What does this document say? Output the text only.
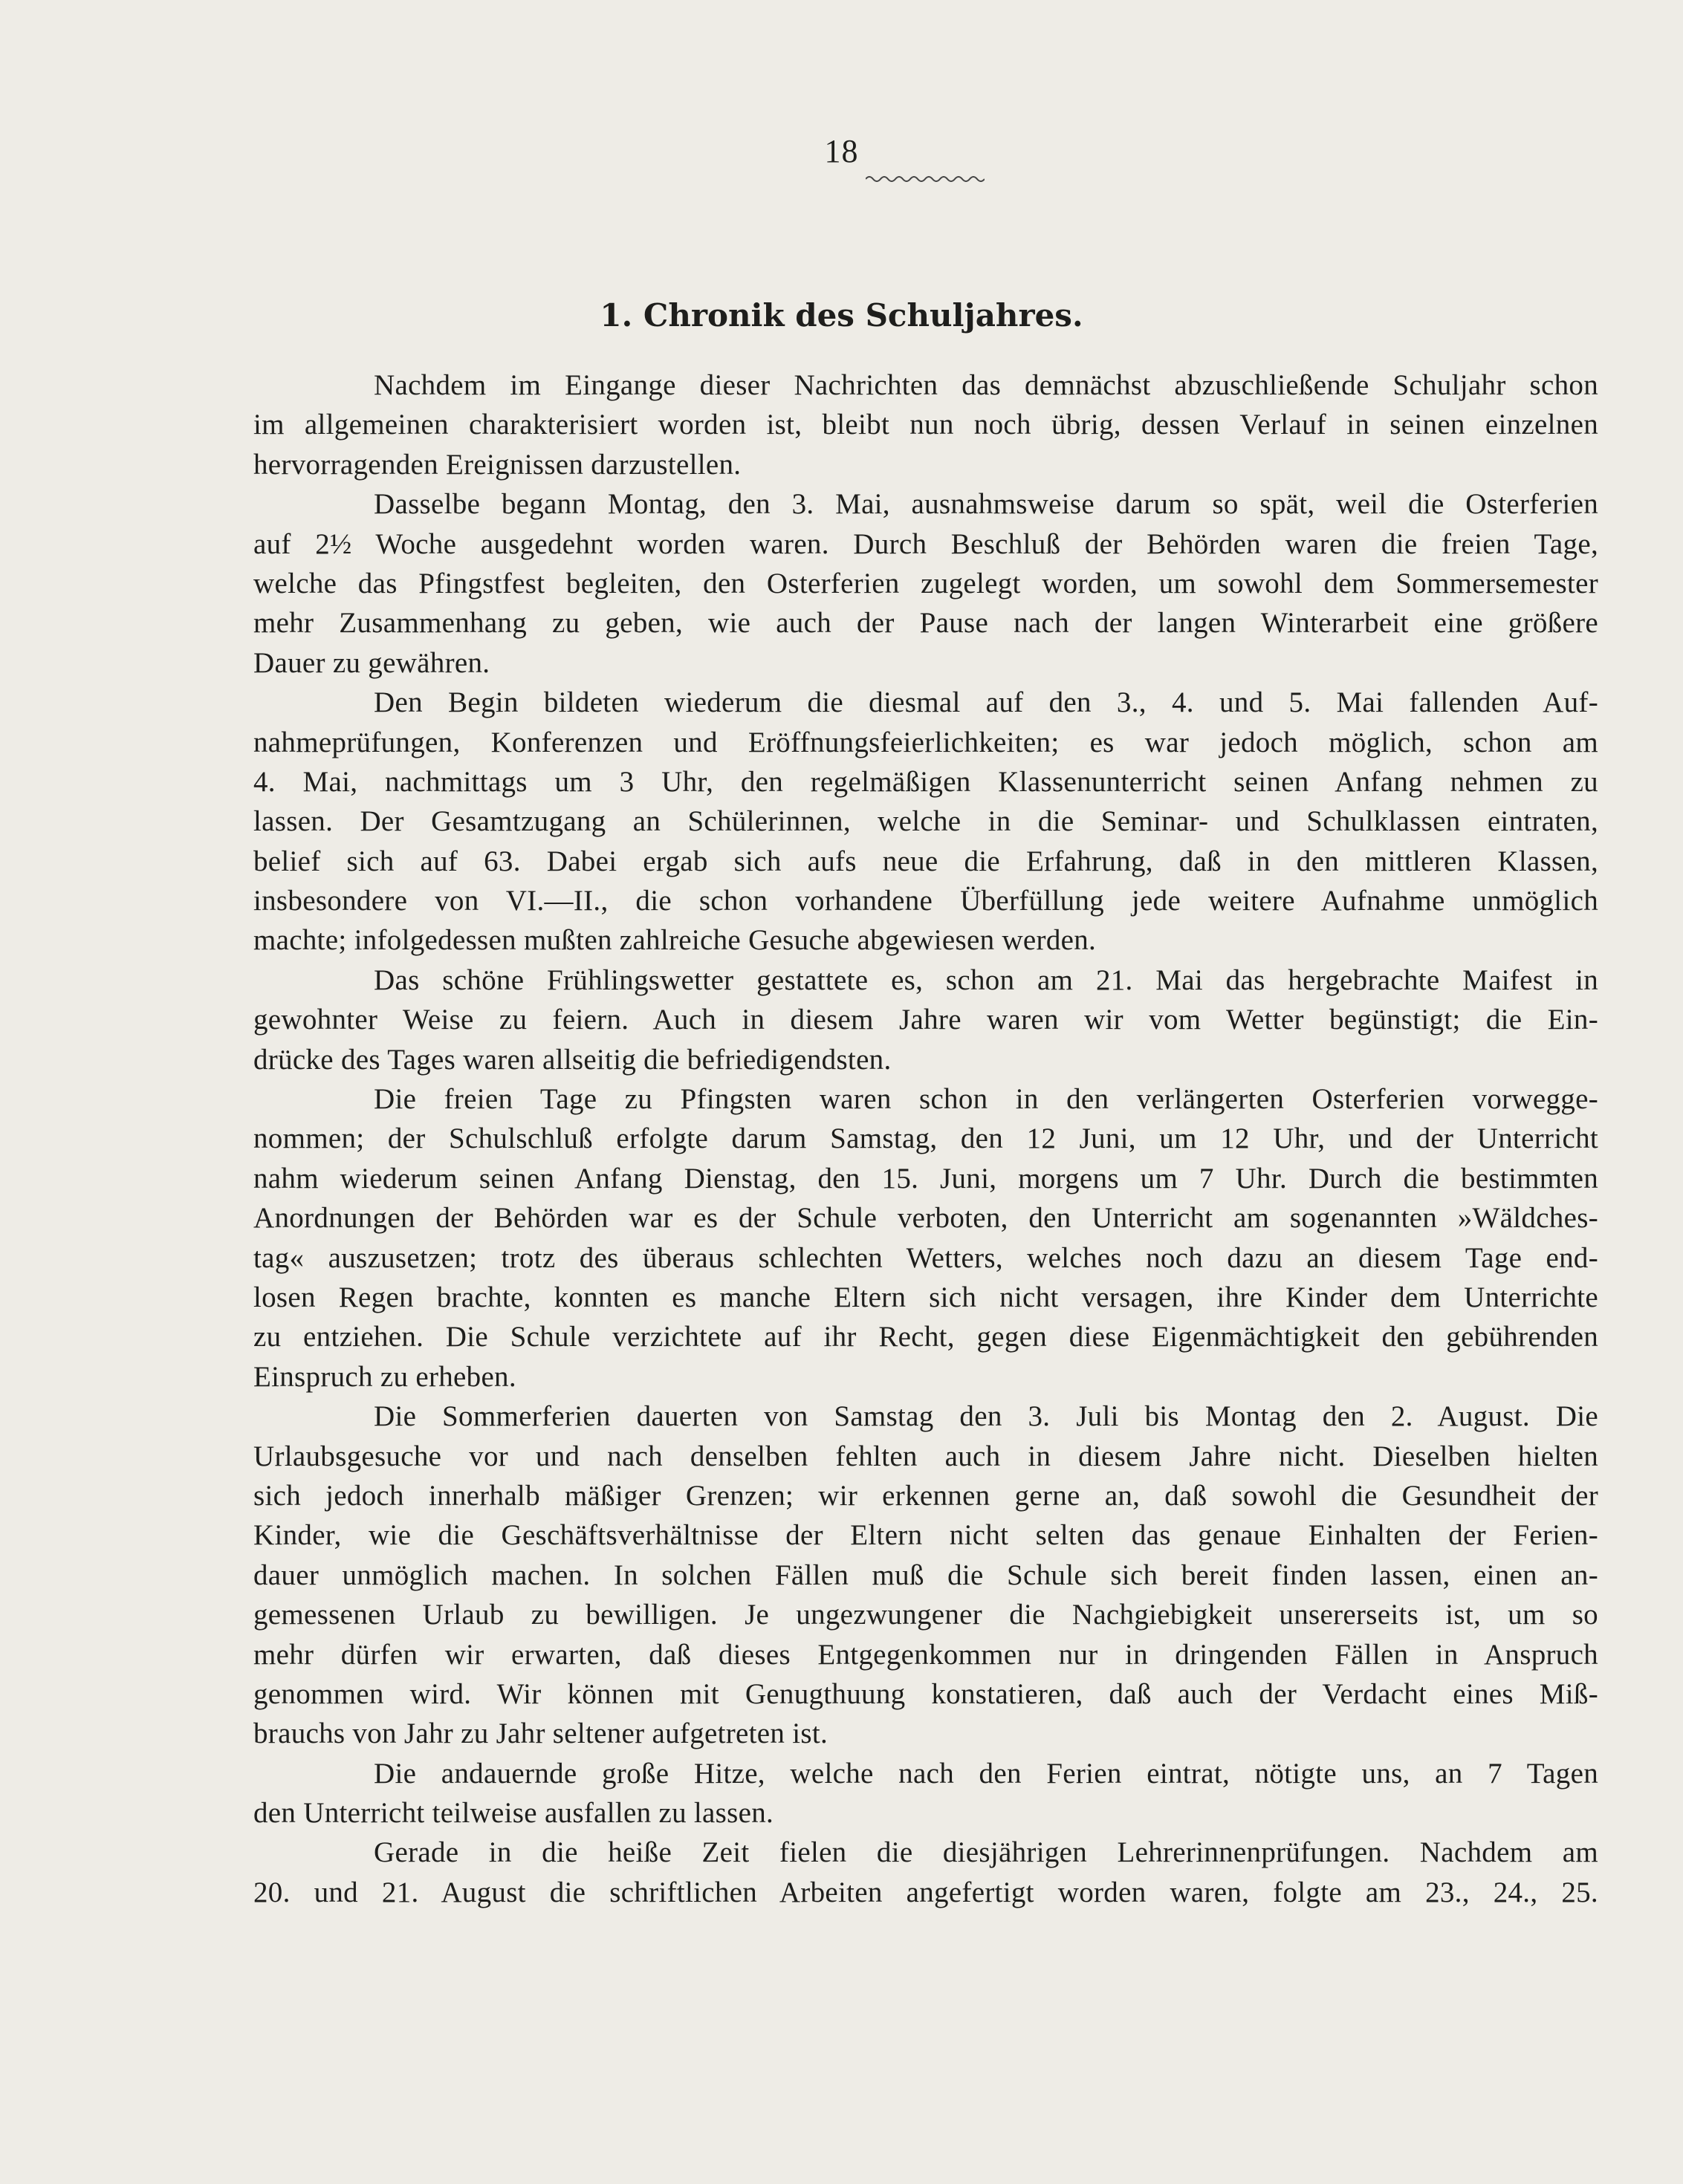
18
1. Chronik des Schuljahres.
Nachdem im Eingange dieser Nachrichten das demnächst abzuschließende Schuljahr schon
im allgemeinen charakterisiert worden ist, bleibt nun noch übrig, dessen Verlauf in seinen einzelnen
hervorragenden Ereignissen darzustellen.
Dasselbe begann Montag, den 3. Mai, ausnahmsweise darum so spät, weil die Osterferien
auf 2½ Woche ausgedehnt worden waren. Durch Beschluß der Behörden waren die freien Tage,
welche das Pfingstfest begleiten, den Osterferien zugelegt worden, um sowohl dem Sommersemester
mehr Zusammenhang zu geben, wie auch der Pause nach der langen Winterarbeit eine größere
Dauer zu gewähren.
Den Begin bildeten wiederum die diesmal auf den 3., 4. und 5. Mai fallenden Auf-
nahmeprüfungen, Konferenzen und Eröffnungsfeierlichkeiten; es war jedoch möglich, schon am
4. Mai, nachmittags um 3 Uhr, den regelmäßigen Klassenunterricht seinen Anfang nehmen zu
lassen. Der Gesamtzugang an Schülerinnen, welche in die Seminar- und Schulklassen eintraten,
belief sich auf 63. Dabei ergab sich aufs neue die Erfahrung, daß in den mittleren Klassen,
insbesondere von VI.—II., die schon vorhandene Überfüllung jede weitere Aufnahme unmöglich
machte; infolgedessen mußten zahlreiche Gesuche abgewiesen werden.
Das schöne Frühlingswetter gestattete es, schon am 21. Mai das hergebrachte Maifest in
gewohnter Weise zu feiern. Auch in diesem Jahre waren wir vom Wetter begünstigt; die Ein-
drücke des Tages waren allseitig die befriedigendsten.
Die freien Tage zu Pfingsten waren schon in den verlängerten Osterferien vorwegge-
nommen; der Schulschluß erfolgte darum Samstag, den 12 Juni, um 12 Uhr, und der Unterricht
nahm wiederum seinen Anfang Dienstag, den 15. Juni, morgens um 7 Uhr. Durch die bestimmten
Anordnungen der Behörden war es der Schule verboten, den Unterricht am sogenannten »Wäldches-
tag« auszusetzen; trotz des überaus schlechten Wetters, welches noch dazu an diesem Tage end-
losen Regen brachte, konnten es manche Eltern sich nicht versagen, ihre Kinder dem Unterrichte
zu entziehen. Die Schule verzichtete auf ihr Recht, gegen diese Eigenmächtigkeit den gebührenden
Einspruch zu erheben.
Die Sommerferien dauerten von Samstag den 3. Juli bis Montag den 2. August. Die
Urlaubsgesuche vor und nach denselben fehlten auch in diesem Jahre nicht. Dieselben hielten
sich jedoch innerhalb mäßiger Grenzen; wir erkennen gerne an, daß sowohl die Gesundheit der
Kinder, wie die Geschäftsverhältnisse der Eltern nicht selten das genaue Einhalten der Ferien-
dauer unmöglich machen. In solchen Fällen muß die Schule sich bereit finden lassen, einen an-
gemessenen Urlaub zu bewilligen. Je ungezwungener die Nachgiebigkeit unsererseits ist, um so
mehr dürfen wir erwarten, daß dieses Entgegenkommen nur in dringenden Fällen in Anspruch
genommen wird. Wir können mit Genugthuung konstatieren, daß auch der Verdacht eines Miß-
brauchs von Jahr zu Jahr seltener aufgetreten ist.
Die andauernde große Hitze, welche nach den Ferien eintrat, nötigte uns, an 7 Tagen
den Unterricht teilweise ausfallen zu lassen.
Gerade in die heiße Zeit fielen die diesjährigen Lehrerinnenprüfungen. Nachdem am
20. und 21. August die schriftlichen Arbeiten angefertigt worden waren, folgte am 23., 24., 25.
